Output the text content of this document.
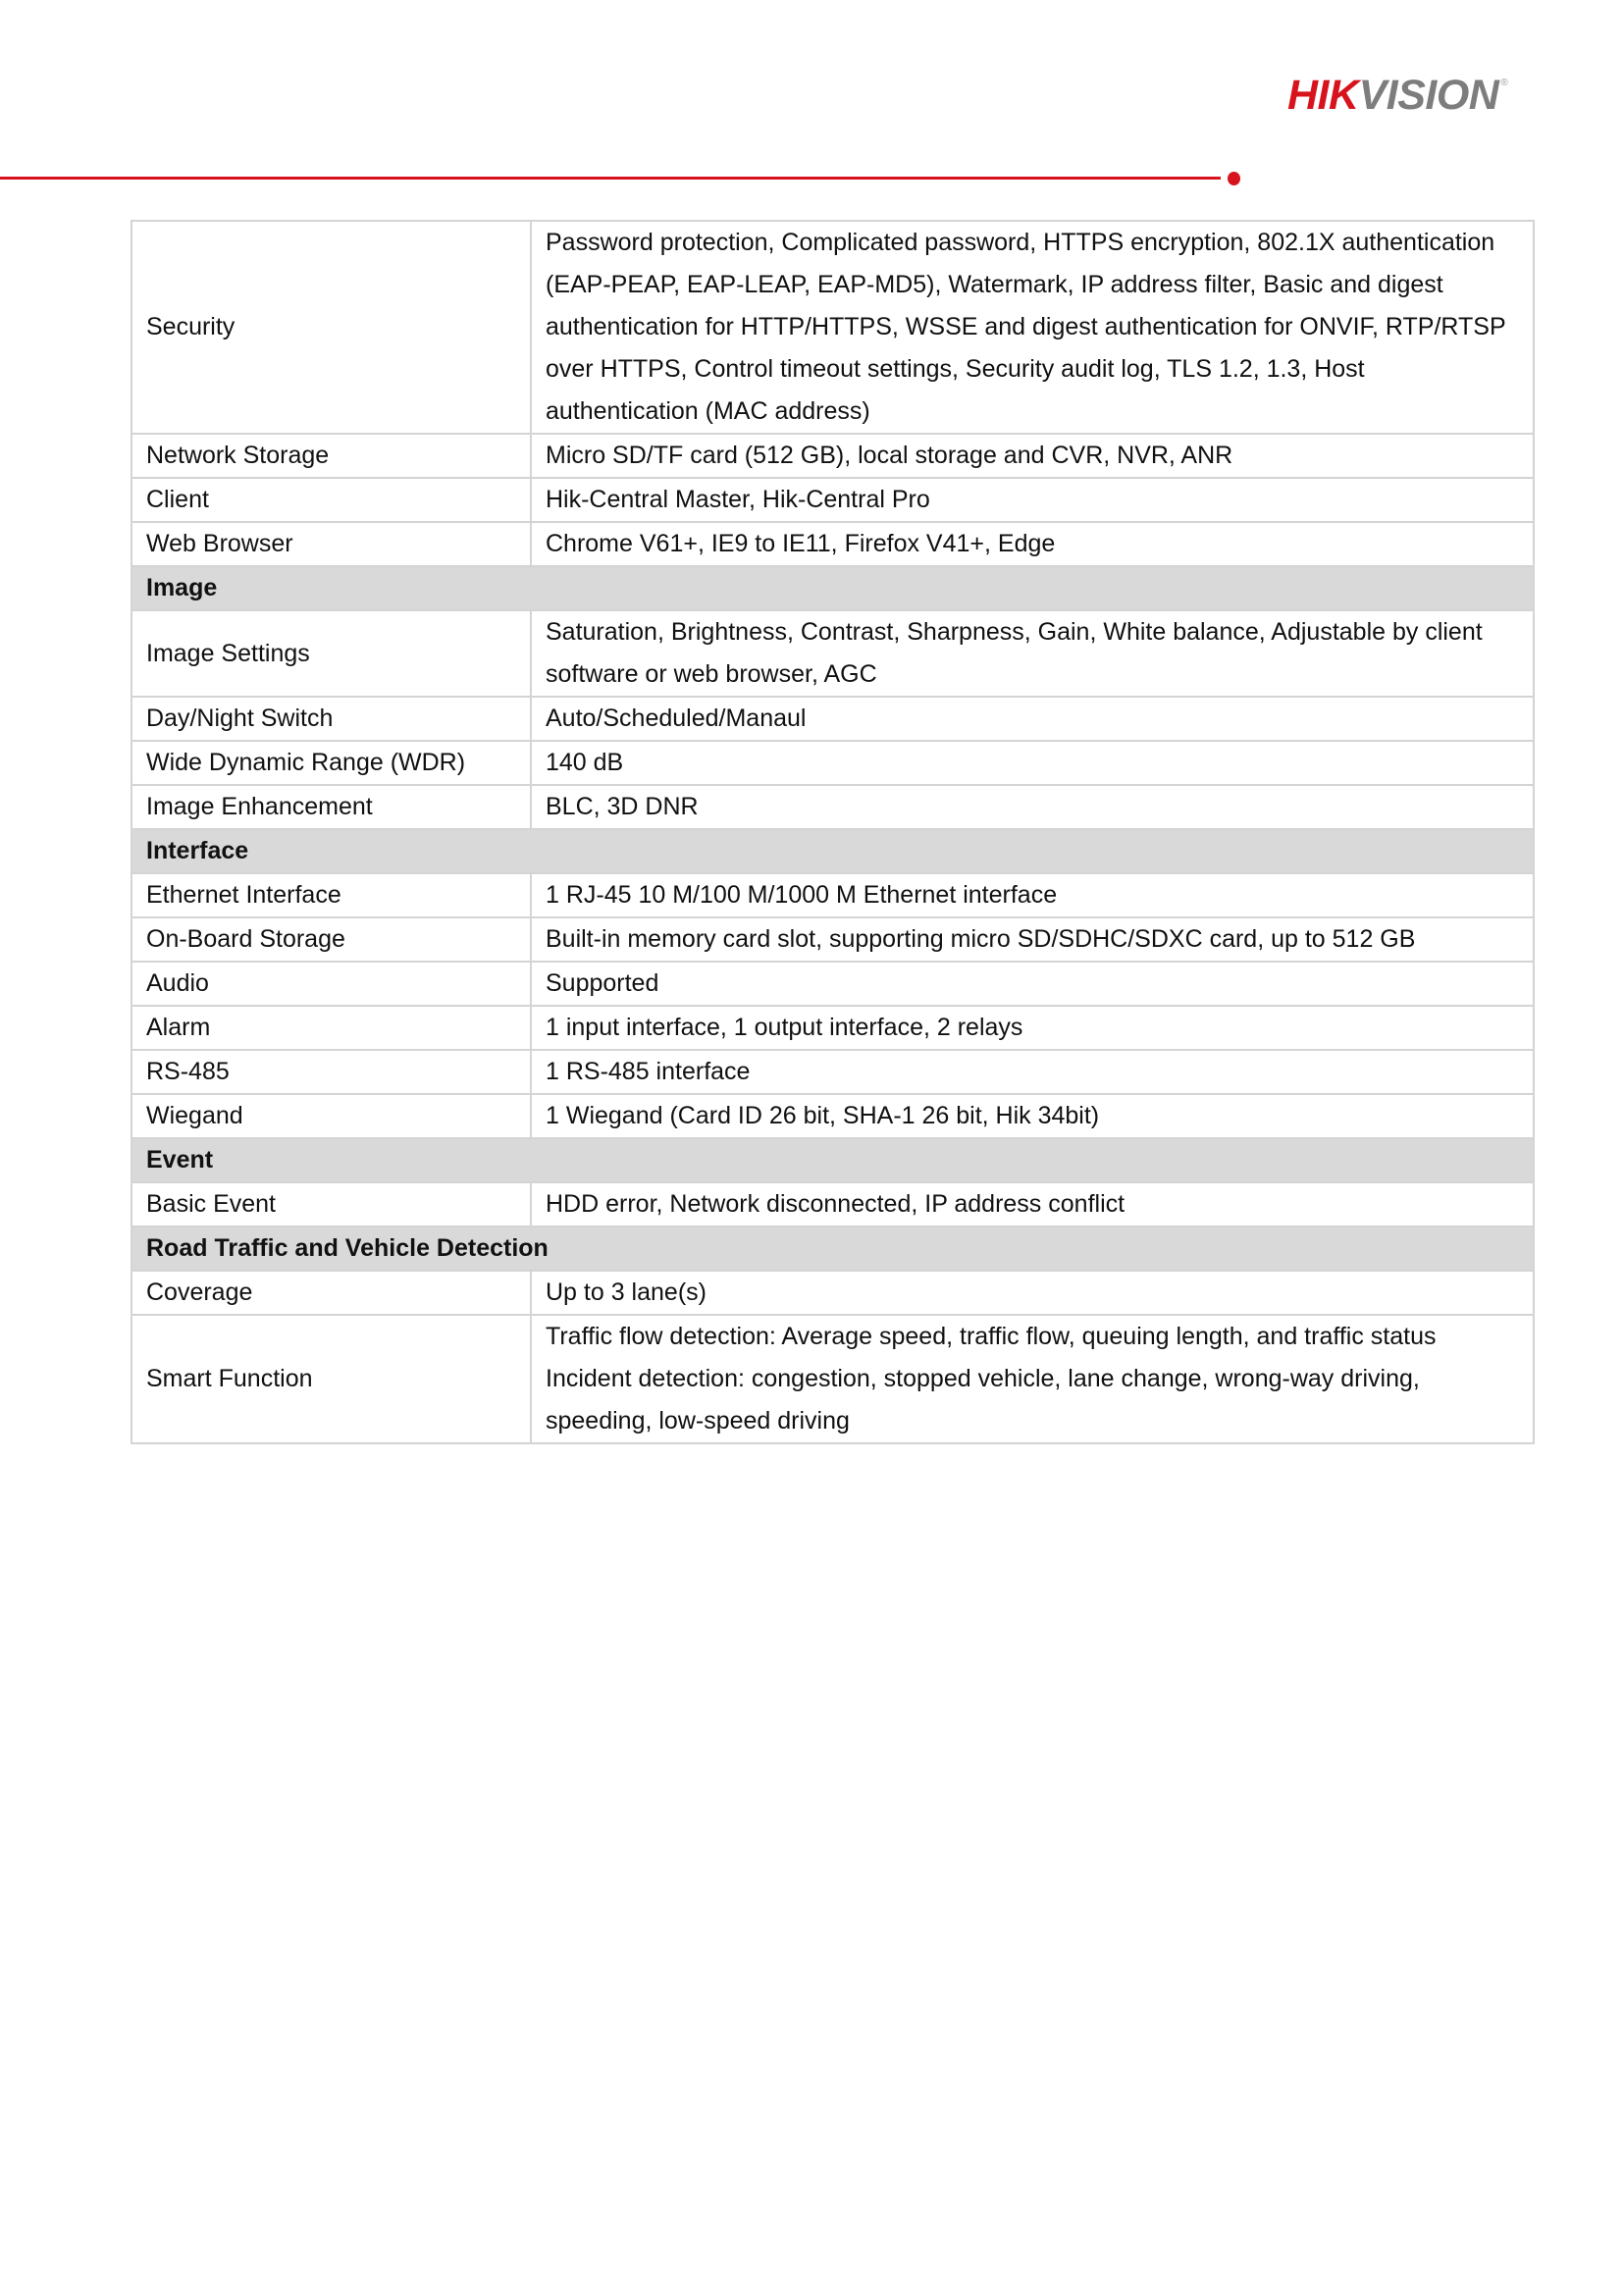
HIKVISION ®
Security	Password protection, Complicated password, HTTPS encryption, 802.1X authentication
(EAP-PEAP, EAP-LEAP, EAP-MD5), Watermark, IP address filter, Basic and digest
authentication for HTTP/HTTPS, WSSE and digest authentication for ONVIF, RTP/RTSP
over HTTPS, Control timeout settings, Security audit log, TLS 1.2, 1.3, Host
authentication (MAC address)

Network Storage	Micro SD/TF card (512 GB), local storage and CVR, NVR, ANR

Client	Hik-Central Master, Hik-Central Pro

Web Browser	Chrome V61+, IE9 to IE11, Firefox V41+, Edge

Image	
Image Settings	Saturation, Brightness, Contrast, Sharpness, Gain, White balance, Adjustable by client
software or web browser, AGC

Day/Night Switch	Auto/Scheduled/Manaul

Wide Dynamic Range (WDR)	140 dB

Image Enhancement	BLC, 3D DNR

Interface	
Ethernet Interface	1 RJ-45 10 M/100 M/1000 M Ethernet interface

On-Board Storage	Built-in memory card slot, supporting micro SD/SDHC/SDXC card, up to 512 GB

Audio	Supported

Alarm	1 input interface, 1 output interface, 2 relays

RS-485	1 RS-485 interface

Wiegand	1 Wiegand (Card ID 26 bit, SHA-1 26 bit, Hik 34bit)

Event	
Basic Event	HDD error, Network disconnected, IP address conflict

Road Traffic and Vehicle Detection	
Coverage	Up to 3 lane(s)

Smart Function	Traffic flow detection: Average speed, traffic flow, queuing length, and traffic status
Incident detection: congestion, stopped vehicle, lane change, wrong-way driving,
speeding, low-speed driving
